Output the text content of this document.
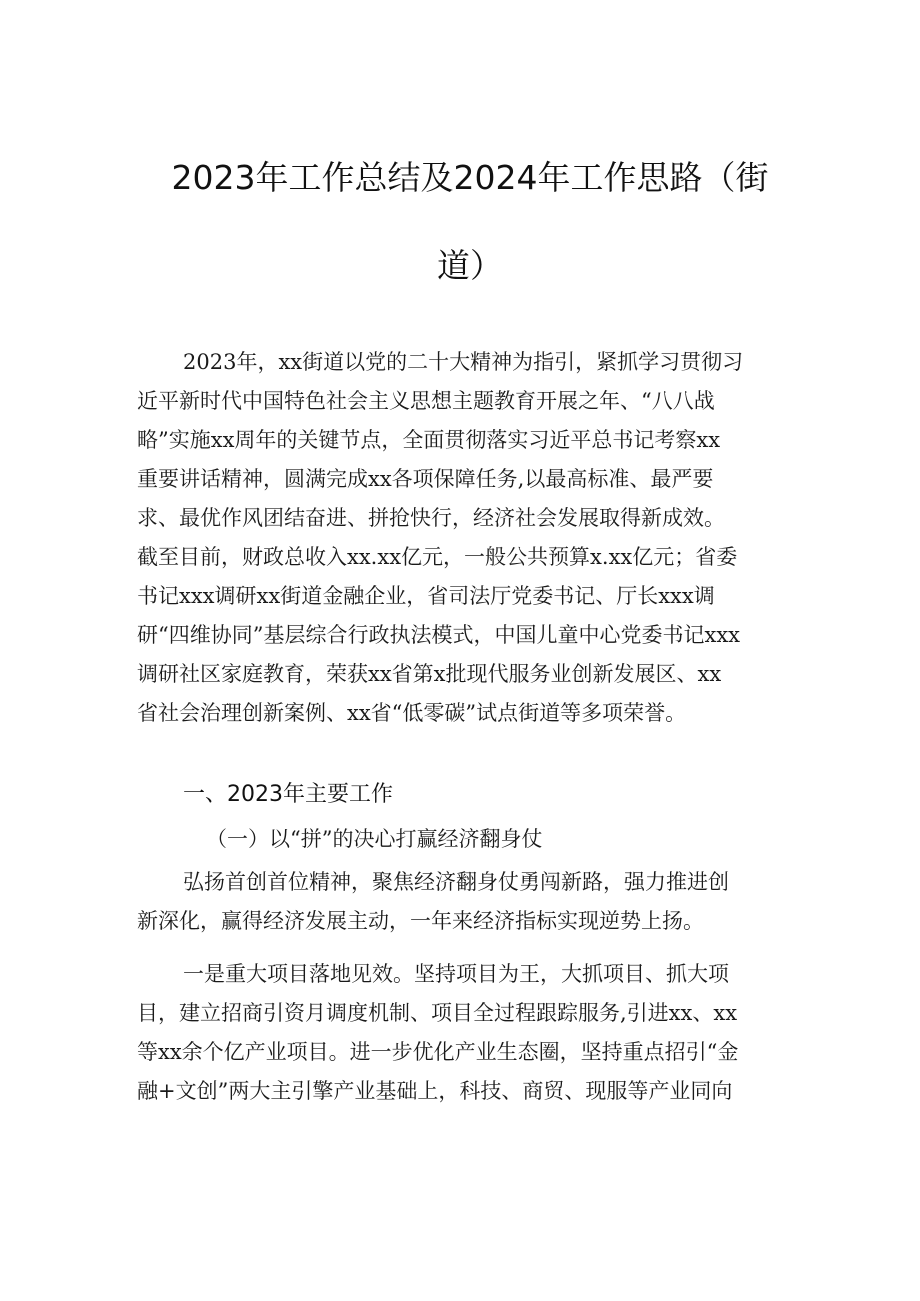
2023年工作总结及2024年工作思路（街
道）
2023年，xx街道以党的二十大精神为指引，紧抓学习贯彻习
近平新时代中国特色社会主义思想主题教育开展之年、“八八战
略”实施xx周年的关键节点，全面贯彻落实习近平总书记考察xx
重要讲话精神，圆满完成xx各项保障任务,以最高标准、最严要
求、最优作风团结奋进、拼抢快行，经济社会发展取得新成效。
截至目前，财政总收入xx.xx亿元，一般公共预算x.xx亿元；省委
书记xxx调研xx街道金融企业，省司法厅党委书记、厅长xxx调
研“四维协同”基层综合行政执法模式，中国儿童中心党委书记xxx
调研社区家庭教育，荣获xx省第x批现代服务业创新发展区、xx
省社会治理创新案例、xx省“低零碳”试点街道等多项荣誉。
一、2023年主要工作
（一）以“拼”的决心打赢经济翻身仗
弘扬首创首位精神，聚焦经济翻身仗勇闯新路，强力推进创
新深化，赢得经济发展主动，一年来经济指标实现逆势上扬。
一是重大项目落地见效。坚持项目为王，大抓项目、抓大项
目，建立招商引资月调度机制、项目全过程跟踪服务,引进xx、xx
等xx余个亿产业项目。进一步优化产业生态圈，坚持重点招引“金
融+文创”两大主引擎产业基础上，科技、商贸、现服等产业同向
